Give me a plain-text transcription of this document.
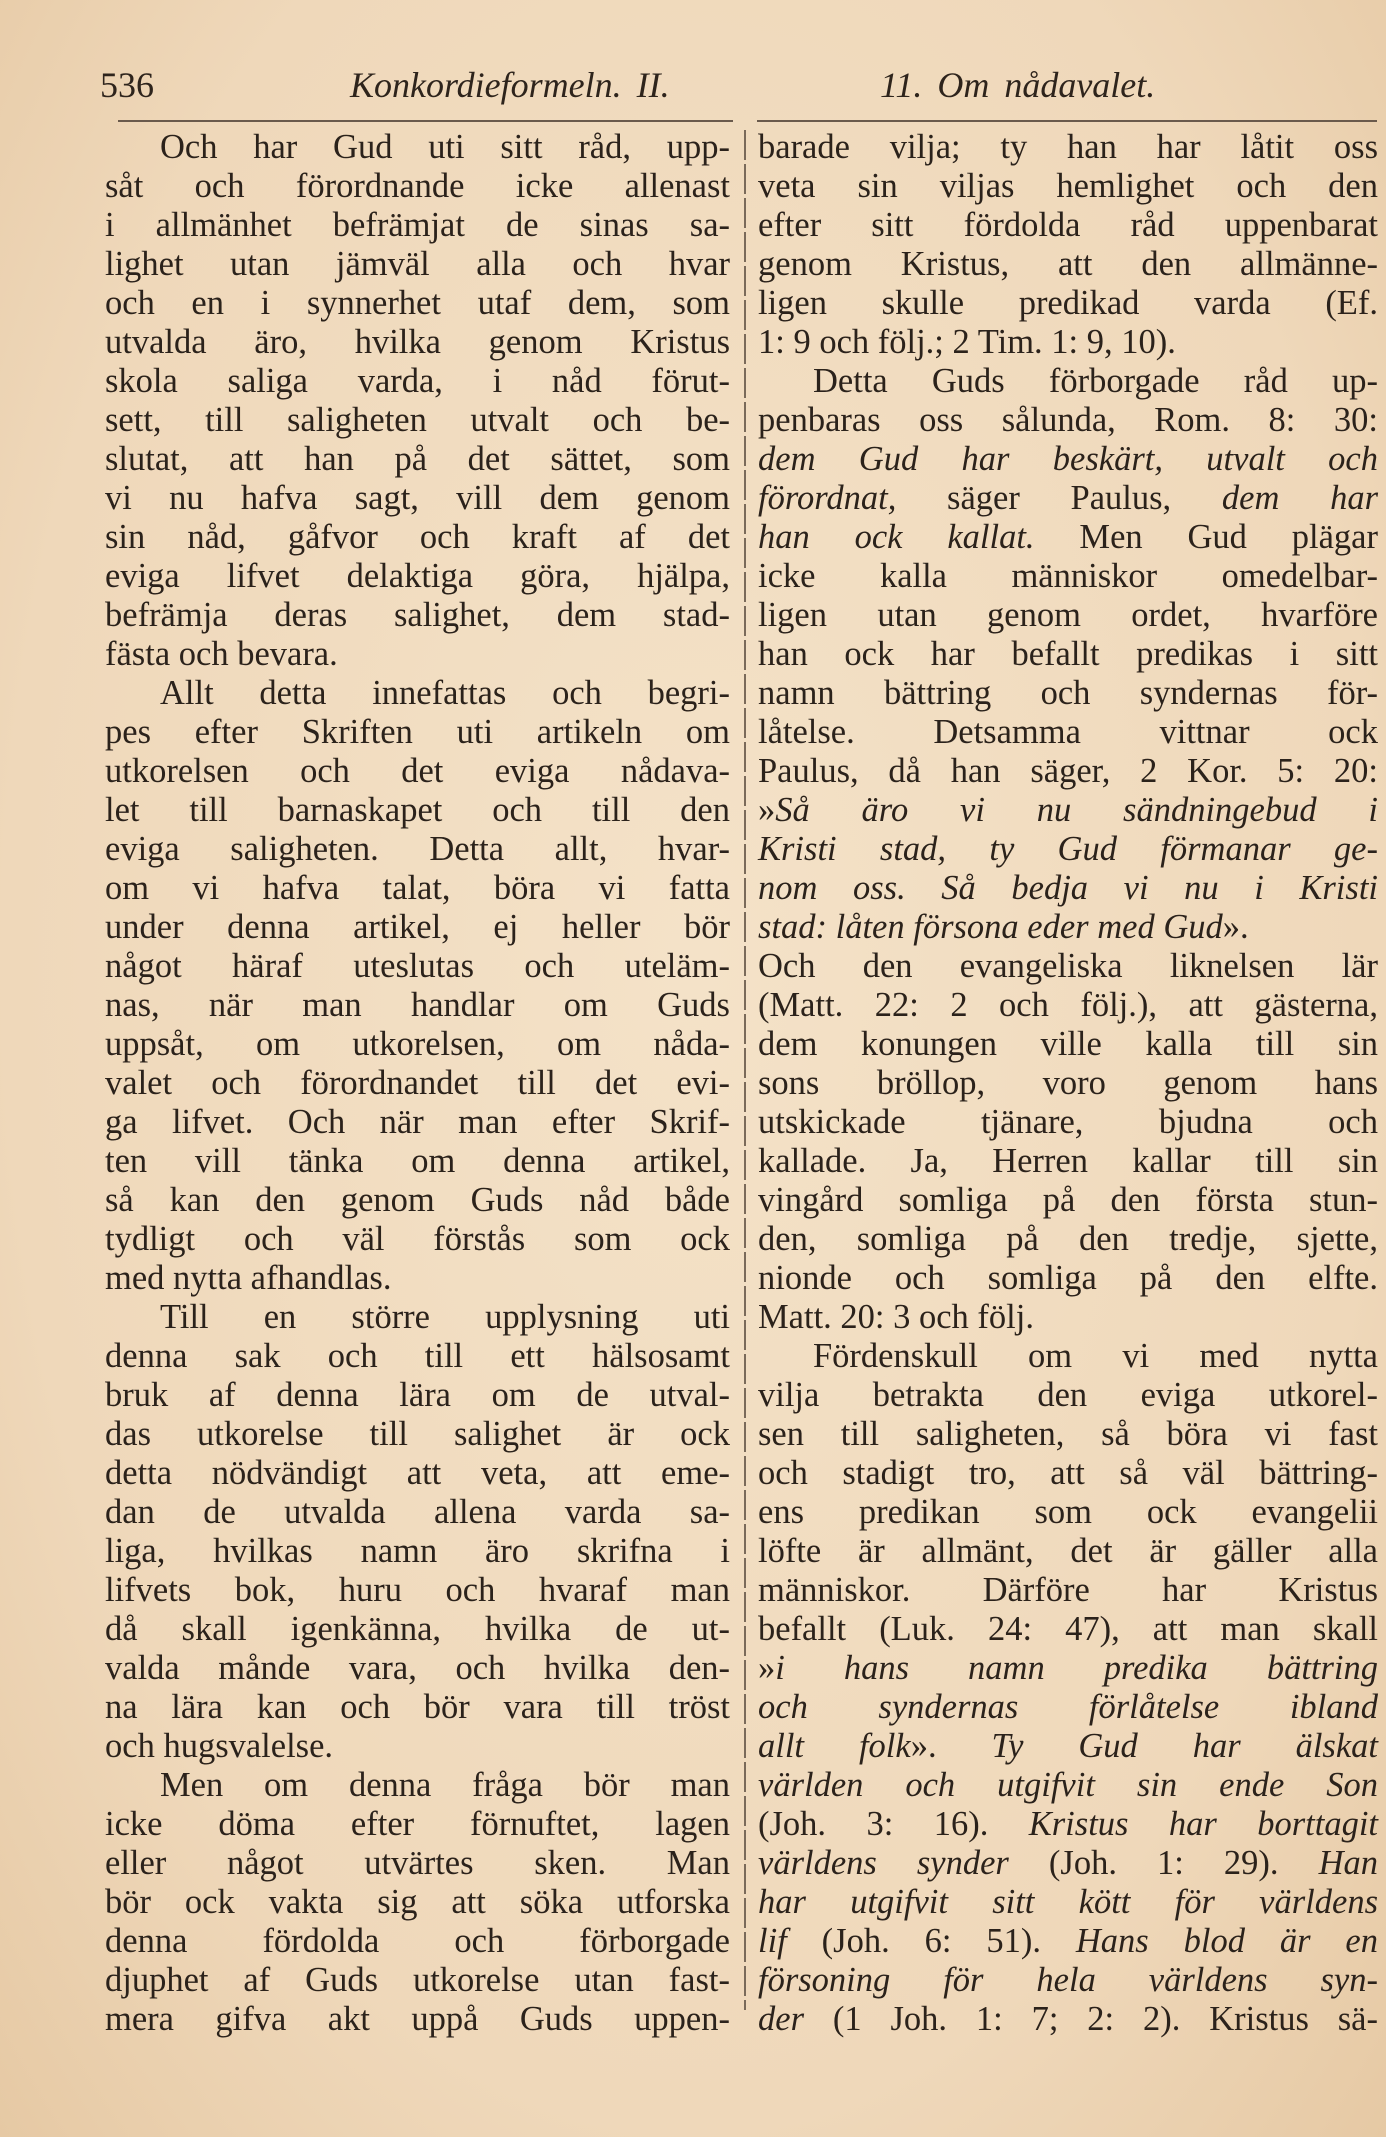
536	Konkordieformeln. II.	11. Om nådavalet.
Och har Gud uti sitt råd, upp-
såt och förordnande icke allenast
i allmänhet befrämjat de sinas sa-
lighet utan jämväl alla och hvar
och en i synnerhet utaf dem, som
utvalda äro, hvilka genom Kristus
skola saliga varda, i nåd förut-
sett, till saligheten utvalt och be-
slutat, att han på det sättet, som
vi nu hafva sagt, vill dem genom
sin nåd, gåfvor och kraft af det
eviga lifvet delaktiga göra, hjälpa,
befrämja deras salighet, dem stad-
fästa och bevara.
Allt detta innefattas och begri-
pes efter Skriften uti artikeln om
utkorelsen och det eviga nådava-
let till barnaskapet och till den
eviga saligheten. Detta allt, hvar-
om vi hafva talat, böra vi fatta
under denna artikel, ej heller bör
något häraf uteslutas och uteläm-
nas, när man handlar om Guds
uppsåt, om utkorelsen, om nåda-
valet och förordnandet till det evi-
ga lifvet. Och när man efter Skrif-
ten vill tänka om denna artikel,
så kan den genom Guds nåd både
tydligt och väl förstås som ock
med nytta afhandlas.
Till en större upplysning uti
denna sak och till ett hälsosamt
bruk af denna lära om de utval-
das utkorelse till salighet är ock
detta nödvändigt att veta, att eme-
dan de utvalda allena varda sa-
liga, hvilkas namn äro skrifna i
lifvets bok, huru och hvaraf man
då skall igenkänna, hvilka de ut-
valda månde vara, och hvilka den-
na lära kan och bör vara till tröst
och hugsvalelse.
Men om denna fråga bör man
icke döma efter förnuftet, lagen
eller något utvärtes sken. Man
bör ock vakta sig att söka utforska
denna fördolda och förborgade
djuphet af Guds utkorelse utan fast-
mera gifva akt uppå Guds uppen-
barade vilja; ty han har låtit oss
veta sin viljas hemlighet och den
efter sitt fördolda råd uppenbarat
genom Kristus, att den allmänne-
ligen skulle predikad varda (Ef.
1: 9 och följ.; 2 Tim. 1: 9, 10).
Detta Guds förborgade råd up-
penbaras oss sålunda, Rom. 8: 30:
dem Gud har beskärt, utvalt och
förordnat, säger Paulus, dem har
han ock kallat. Men Gud plägar
icke kalla människor omedelbar-
ligen utan genom ordet, hvarföre
han ock har befallt predikas i sitt
namn bättring och syndernas för-
låtelse. Detsamma vittnar ock
Paulus, då han säger, 2 Kor. 5: 20:
»Så äro vi nu sändningebud i
Kristi stad, ty Gud förmanar ge-
nom oss. Så bedja vi nu i Kristi
stad: låten försona eder med Gud».
Och den evangeliska liknelsen lär
(Matt. 22: 2 och följ.), att gästerna,
dem konungen ville kalla till sin
sons bröllop, voro genom hans
utskickade tjänare, bjudna och
kallade. Ja, Herren kallar till sin
vingård somliga på den första stun-
den, somliga på den tredje, sjette,
nionde och somliga på den elfte.
Matt. 20: 3 och följ.
Fördenskull om vi med nytta
vilja betrakta den eviga utkorel-
sen till saligheten, så böra vi fast
och stadigt tro, att så väl bättring-
ens predikan som ock evangelii
löfte är allmänt, det är gäller alla
människor. Därföre har Kristus
befallt (Luk. 24: 47), att man skall
»i hans namn predika bättring
och syndernas förlåtelse ibland
allt folk». Ty Gud har älskat
världen och utgifvit sin ende Son
(Joh. 3: 16). Kristus har borttagit
världens synder (Joh. 1: 29). Han
har utgifvit sitt kött för världens
lif (Joh. 6: 51). Hans blod är en
försoning för hela världens syn-
der (1 Joh. 1: 7; 2: 2). Kristus sä-
